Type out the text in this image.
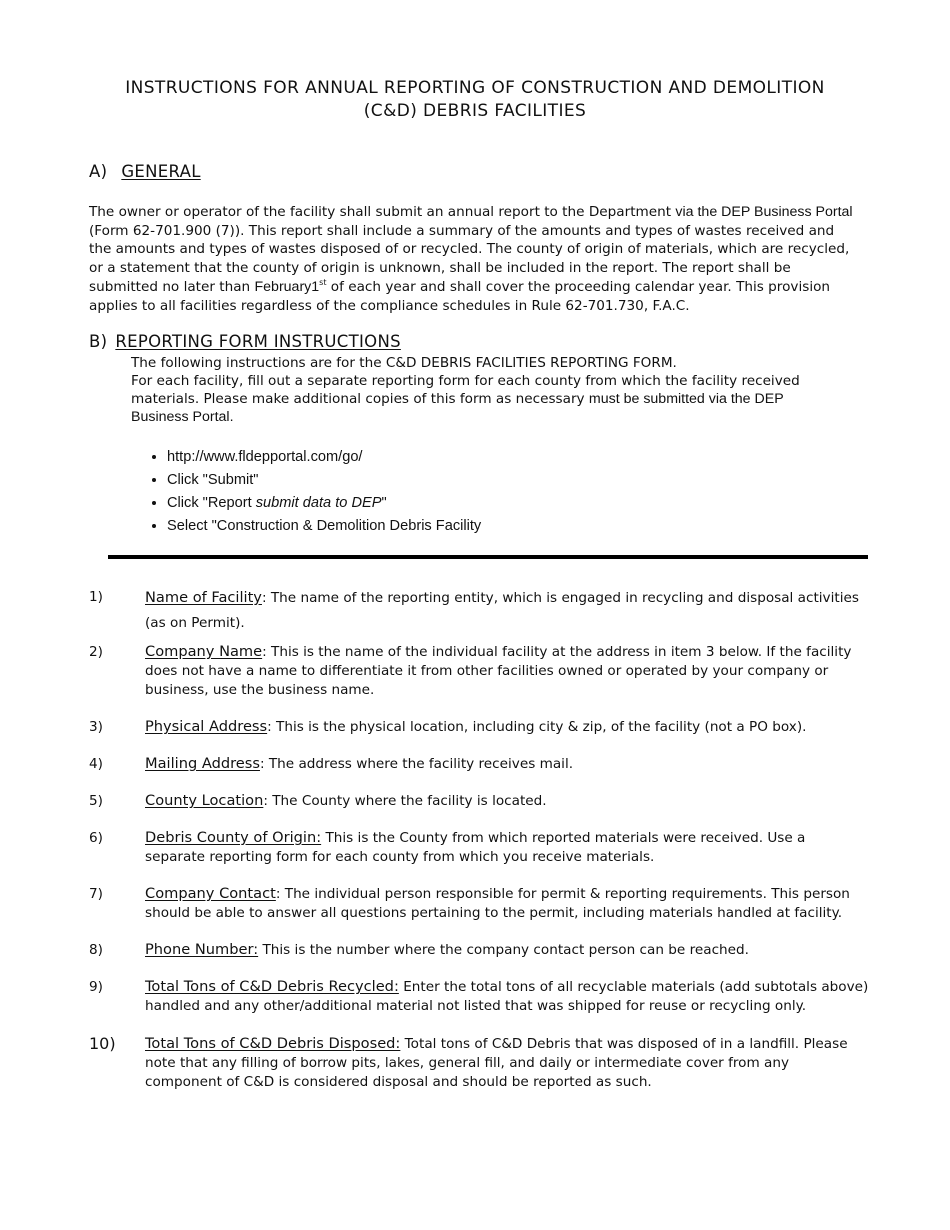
INSTRUCTIONS FOR ANNUAL REPORTING OF CONSTRUCTION AND DEMOLITION
(C&D) DEBRIS FACILITIES
A) GENERAL
The owner or operator of the facility shall submit an annual report to the Department via the DEP Business Portal (Form 62-701.900 (7)). This report shall include a summary of the amounts and types of wastes received and the amounts and types of wastes disposed of or recycled. The county of origin of materials, which are recycled, or a statement that the county of origin is unknown, shall be included in the report. The report shall be submitted no later than February1st of each year and shall cover the proceeding calendar year. This provision applies to all facilities regardless of the compliance schedules in Rule 62-701.730, F.A.C.
B) REPORTING FORM INSTRUCTIONS
The following instructions are for the C&D DEBRIS FACILITIES REPORTING FORM.
For each facility, fill out a separate reporting form for each county from which the facility received materials. Please make additional copies of this form as necessary must be submitted via the DEP Business Portal.
• http://www.fldepportal.com/go/
• Click "Submit"
• Click "Report submit data to DEP"
• Select "Construction & Demolition Debris Facility
1)	Name of Facility: The name of the reporting entity, which is engaged in recycling and disposal activities (as on Permit).
2)	Company Name: This is the name of the individual facility at the address in item 3 below. If the facility does not have a name to differentiate it from other facilities owned or operated by your company or business, use the business name.
3)	Physical Address: This is the physical location, including city & zip, of the facility (not a PO box).
4)	Mailing Address: The address where the facility receives mail.
5)	County Location: The County where the facility is located.
6)	Debris County of Origin: This is the County from which reported materials were received. Use a separate reporting form for each county from which you receive materials.
7)	Company Contact: The individual person responsible for permit & reporting requirements. This person should be able to answer all questions pertaining to the permit, including materials handled at facility.
8)	Phone Number: This is the number where the company contact person can be reached.
9)	Total Tons of C&D Debris Recycled: Enter the total tons of all recyclable materials (add subtotals above) handled and any other/additional material not listed that was shipped for reuse or recycling only.
10) Total Tons of C&D Debris Disposed: Total tons of C&D Debris that was disposed of in a landfill. Please note that any filling of borrow pits, lakes, general fill, and daily or intermediate cover from any component of C&D is considered disposal and should be reported as such.
